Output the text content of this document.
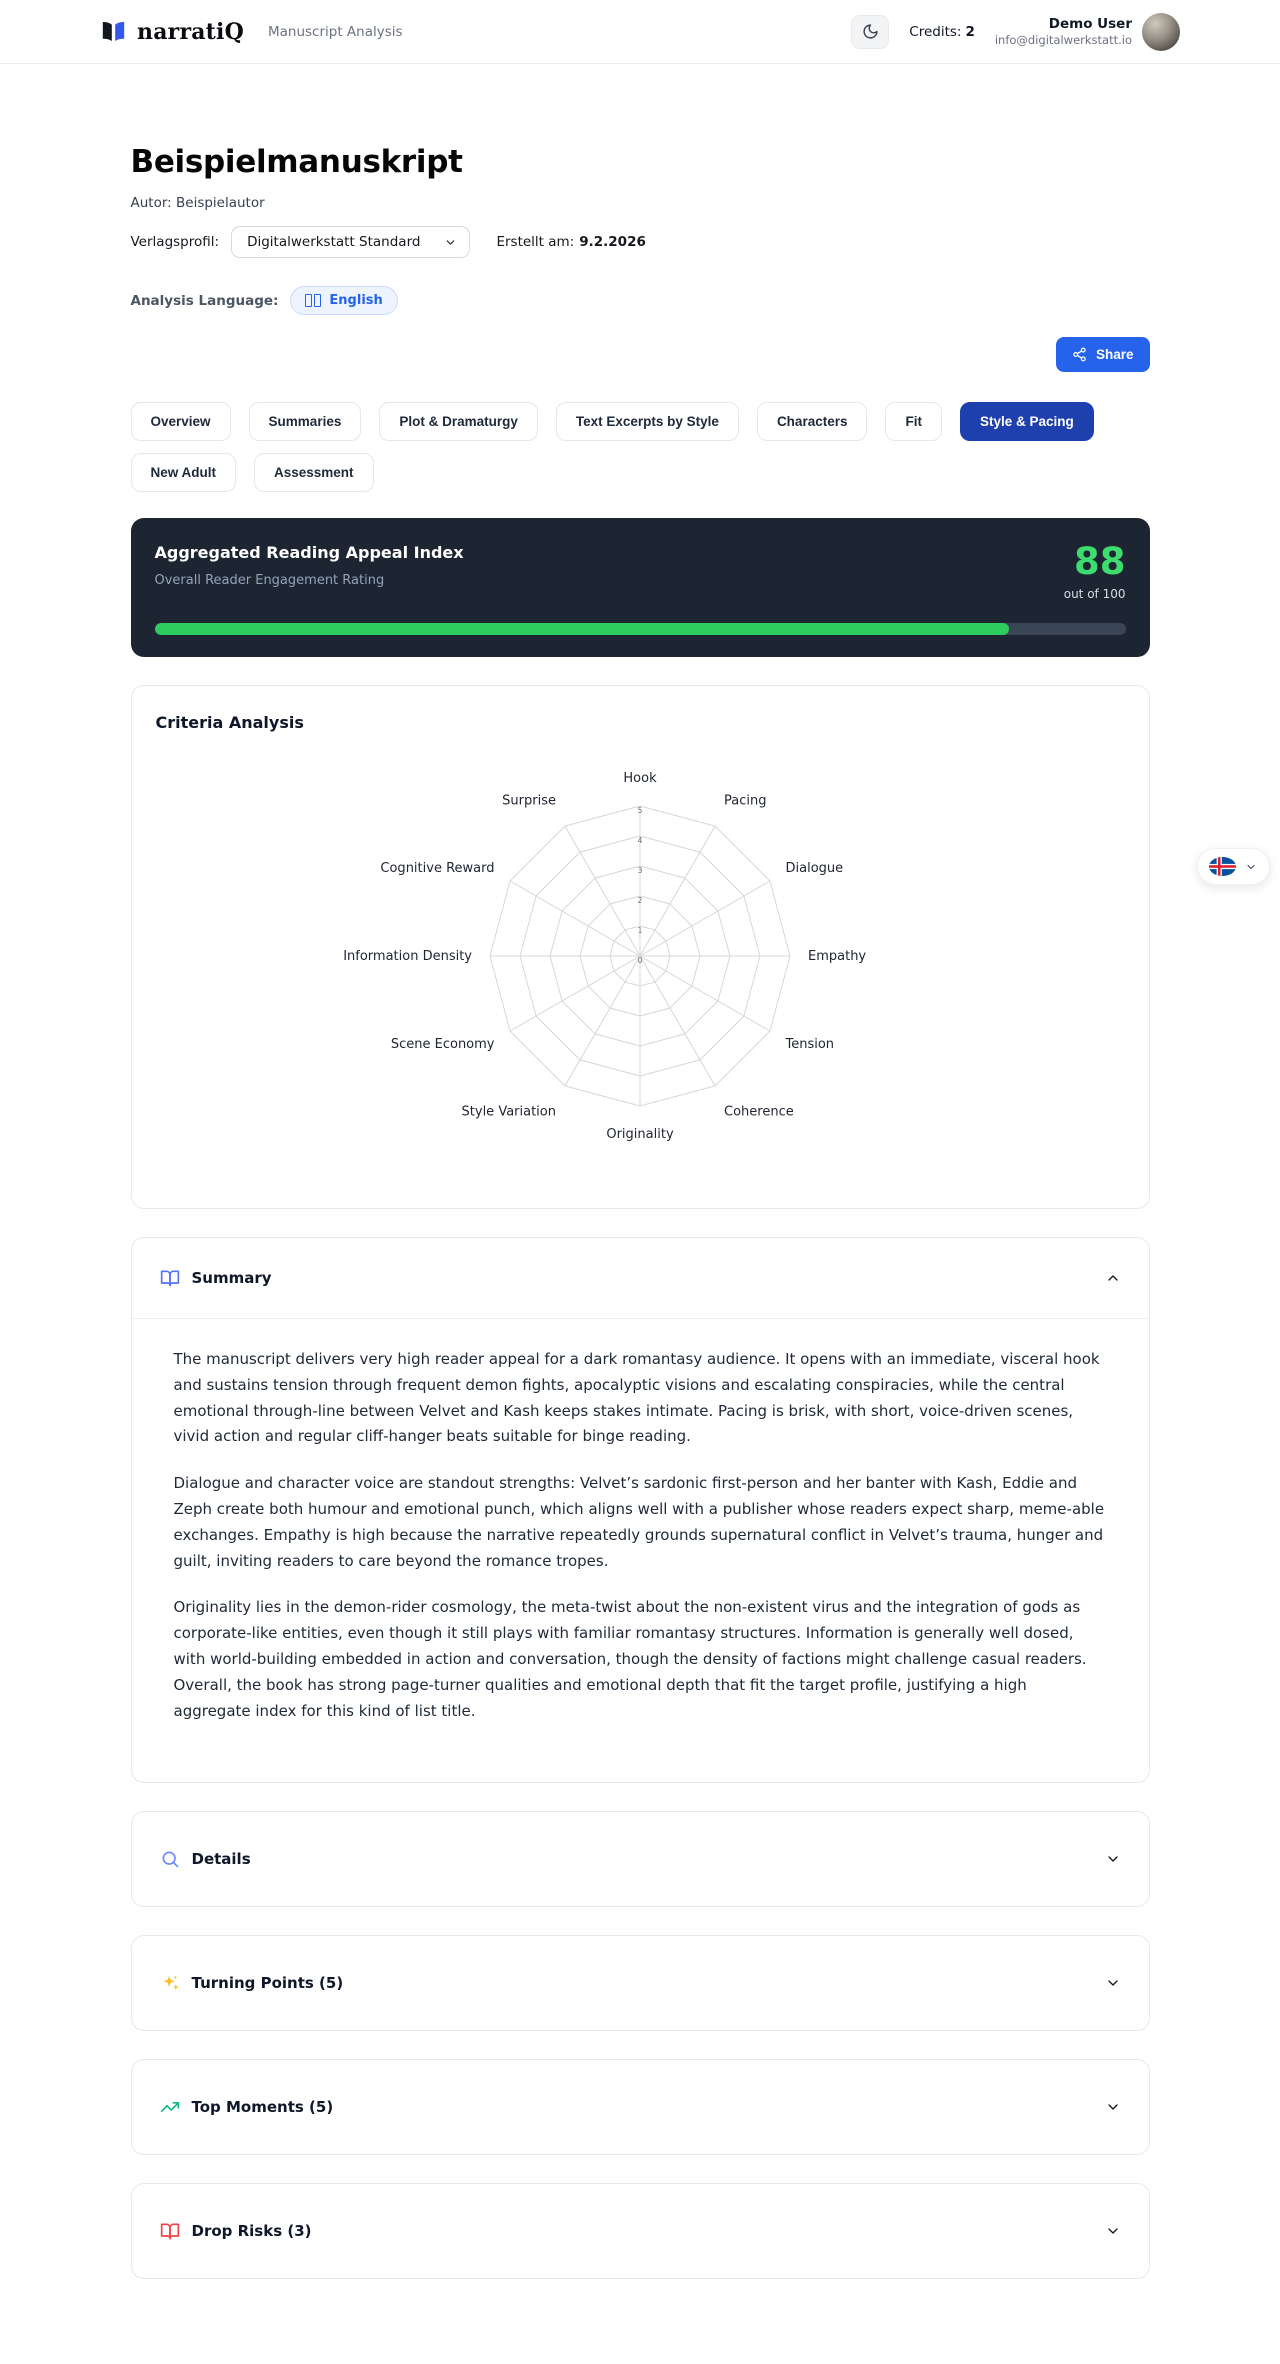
narratiQ Manuscript Analysis	Credits: 2	Demo User
info@digitalwerkstatt.io
Beispielmanuskript
Autor: Beispielautor
Verlagsprofil: Digitalwerkstatt Standard	Erstellt am: 9.2.2026
Analysis Language:	English
Share
Overview	Summaries	Plot & Dramaturgy	Text Excerpts by Style	Characters	Fit	Style & Pacing
New Adult	Assessment
Aggregated Reading Appeal Index
Overall Reader Engagement Rating	88
out of 100
Criteria Analysis
0
1
2
3
4
5
Hook
Pacing
Dialogue
Empathy
Tension
Coherence
Originality
Style Variation
Scene Economy
Information Density
Cognitive Reward
Surprise
Summary

The manuscript delivers very high reader appeal for a dark romantasy audience. It opens with an immediate, visceral hook and sustains tension through frequent demon fights, apocalyptic visions and escalating conspiracies, while the central emotional through-line between Velvet and Kash keeps stakes intimate. Pacing is brisk, with short, voice-driven scenes, vivid action and regular cliff-hanger beats suitable for binge reading.

Dialogue and character voice are standout strengths: Velvet’s sardonic first-person and her banter with Kash, Eddie and Zeph create both humour and emotional punch, which aligns well with a publisher whose readers expect sharp, meme-able exchanges. Empathy is high because the narrative repeatedly grounds supernatural conflict in Velvet’s trauma, hunger and guilt, inviting readers to care beyond the romance tropes.

Originality lies in the demon-rider cosmology, the meta-twist about the non-existent virus and the integration of gods as corporate-like entities, even though it still plays with familiar romantasy structures. Information is generally well dosed, with world-building embedded in action and conversation, though the density of factions might challenge casual readers. Overall, the book has strong page-turner qualities and emotional depth that fit the target profile, justifying a high aggregate index for this kind of list title.

Details
Turning Points (5)
Top Moments (5)
Drop Risks (3)
